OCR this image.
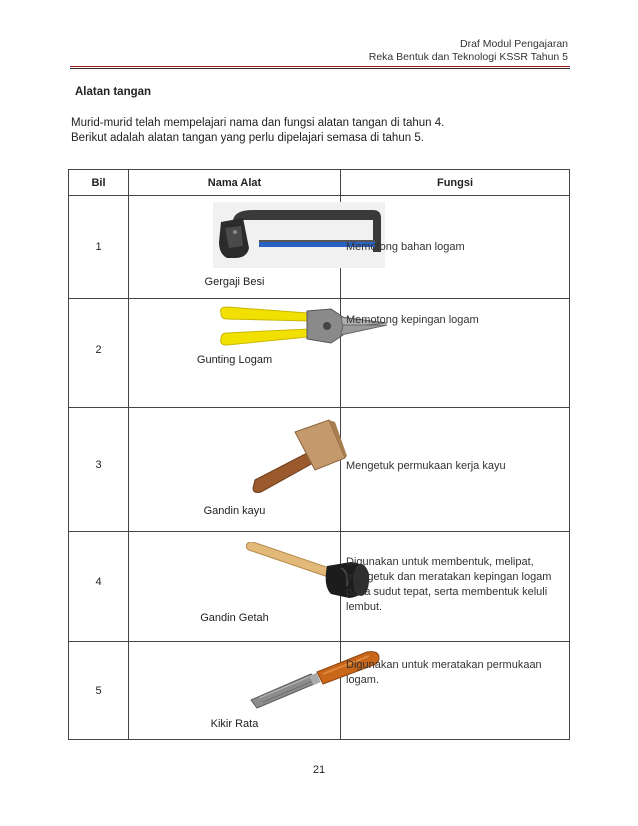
Draf Modul Pengajaran
Reka Bentuk dan Teknologi KSSR Tahun 5
Alatan tangan
Murid-murid telah mempelajari nama dan fungsi alatan tangan di tahun 4.
Berikut adalah alatan tangan yang perlu dipelajari semasa di tahun 5.
Bil	Nama Alat	Fungsi

1	Gergaji Besi	Memotong bahan logam

2	Gunting Logam	Memotong kepingan logam

3	Gandin kayu	Mengetuk permukaan kerja kayu

4	Gandin Getah	Digunakan untuk membentuk, melipat, mengetuk dan meratakan kepingan logam pada sudut tepat, serta membentuk keluli lembut.

5	Kikir Rata	Digunakan untuk meratakan permukaan logam.
21
